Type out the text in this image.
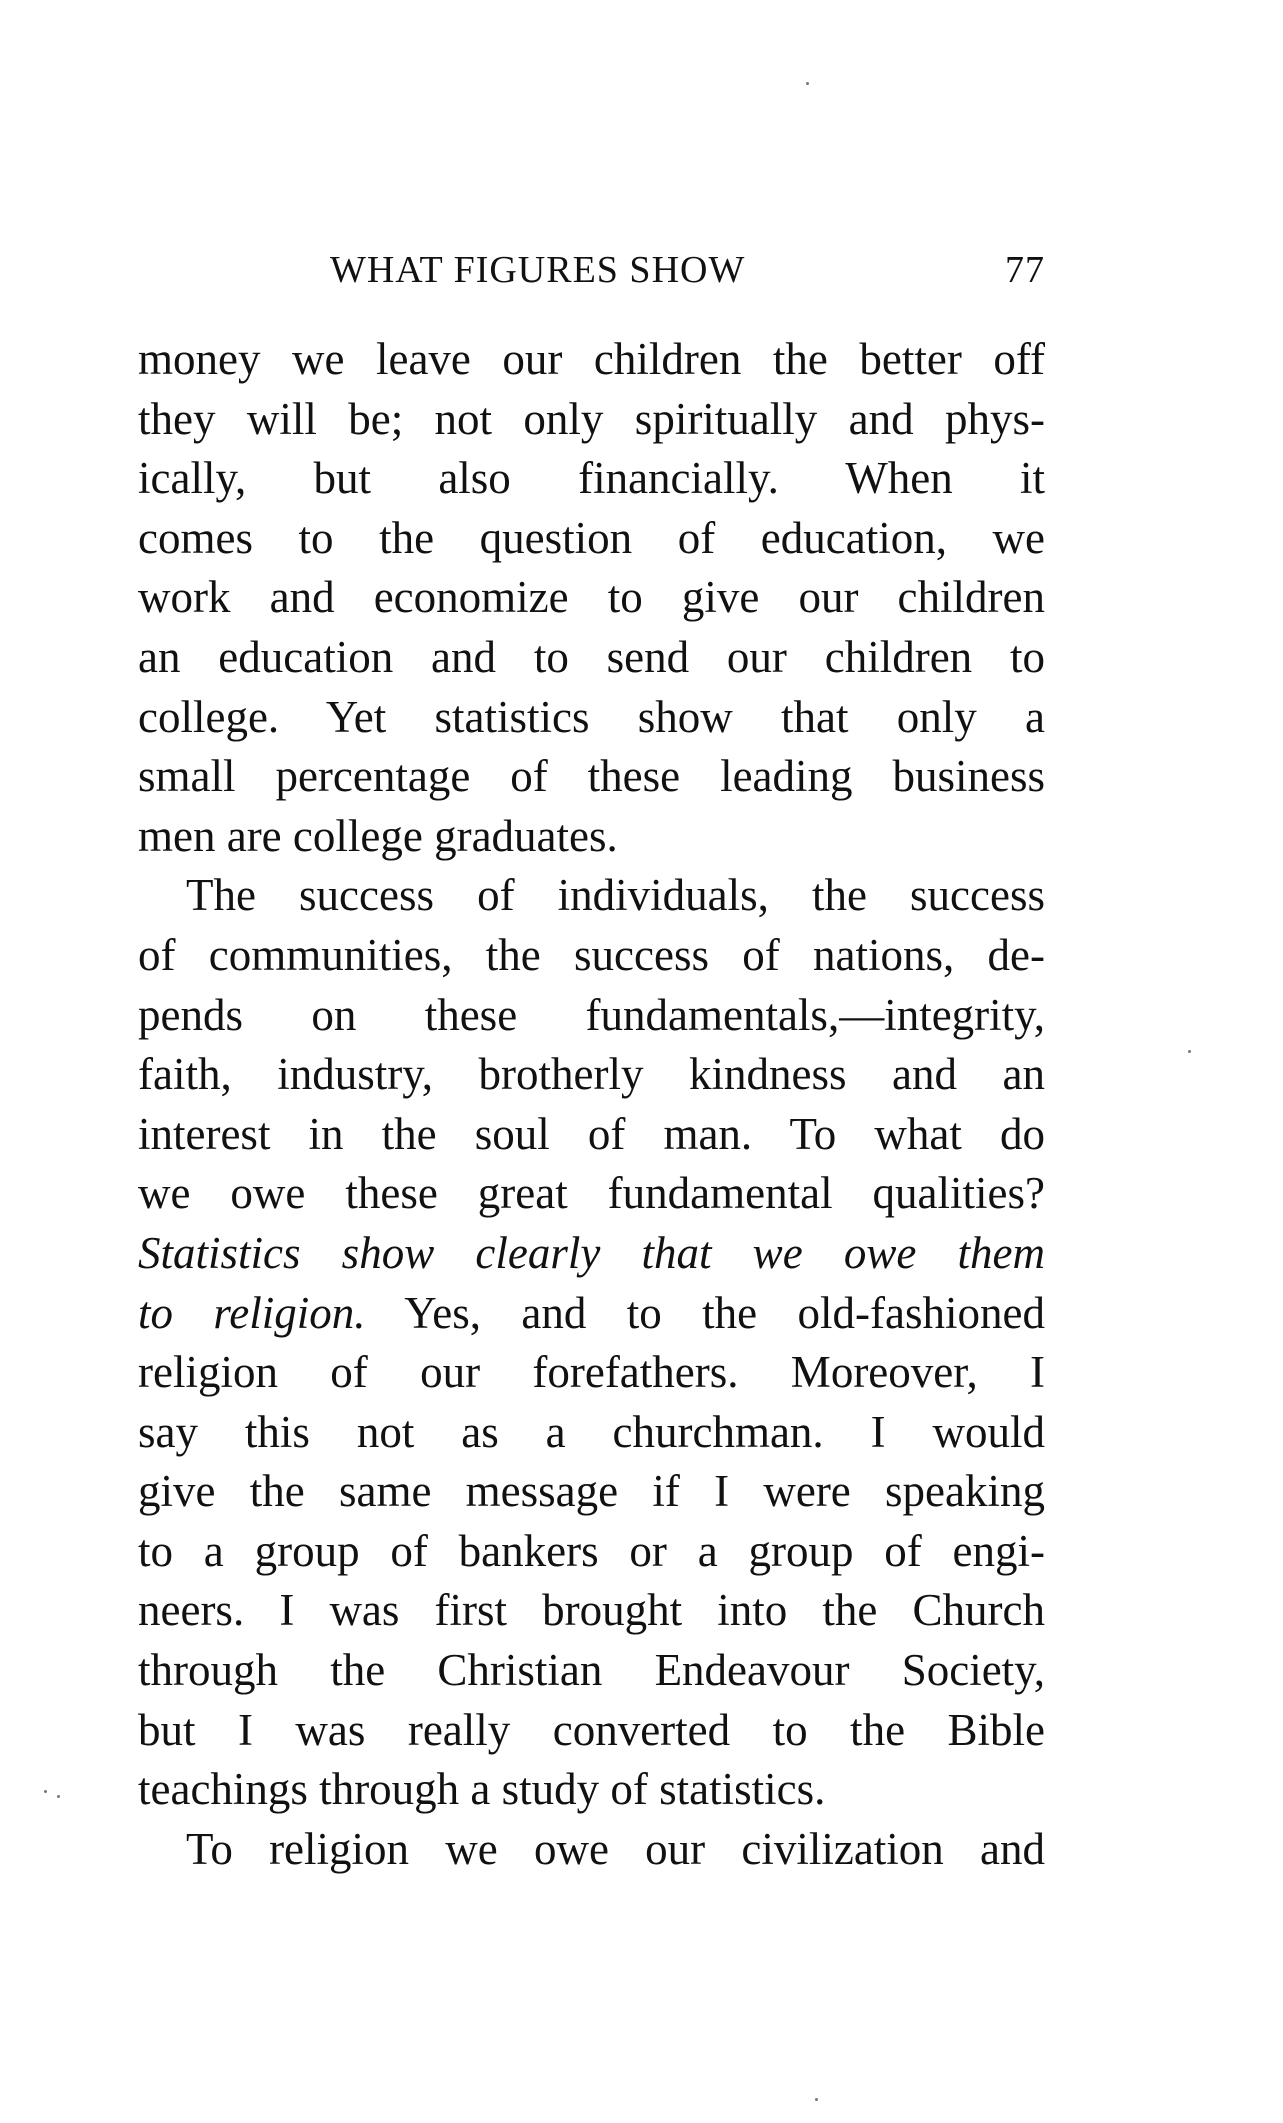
WHAT FIGURES SHOW	77
money we leave our children the better off
they will be; not only spiritually and phys-
ically, but also financially. When it
comes to the question of education, we
work and economize to give our children
an education and to send our children to
college. Yet statistics show that only a
small percentage of these leading business
men are college graduates.
The success of individuals, the success
of communities, the success of nations, de-
pends on these fundamentals,—integrity,
faith, industry, brotherly kindness and an
interest in the soul of man. To what do
we owe these great fundamental qualities?
Statistics show clearly that we owe them
to religion. Yes, and to the old-fashioned
religion of our forefathers. Moreover, I
say this not as a churchman. I would
give the same message if I were speaking
to a group of bankers or a group of engi-
neers. I was first brought into the Church
through the Christian Endeavour Society,
but I was really converted to the Bible
teachings through a study of statistics.
To religion we owe our civilization and
